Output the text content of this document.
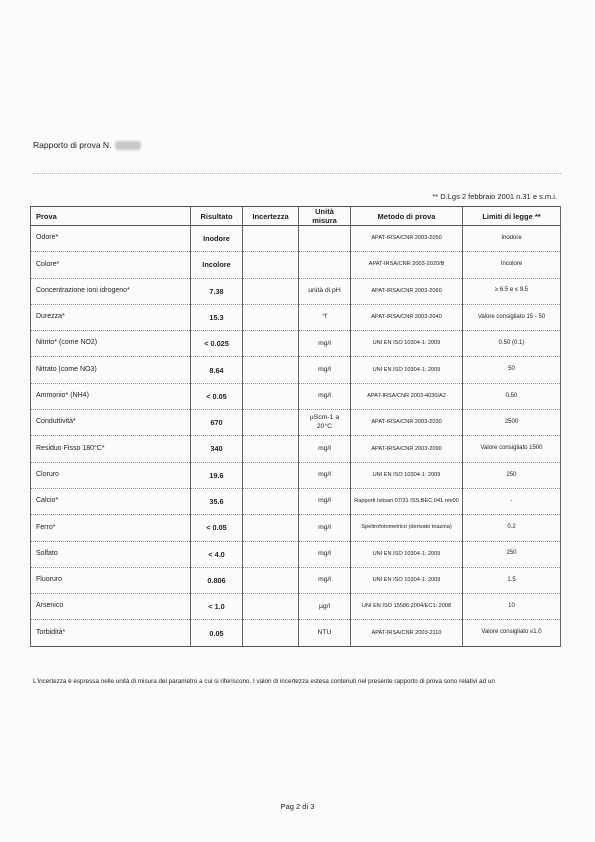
Rapporto di prova N.
** D.Lgs 2 febbraio 2001 n.31 e s.m.i.
Prova	Risultato	Incertezza	Unità misura	Metodo di prova	Limiti di legge **
Odore*	Inodore			APAT-IRSA/CNR 2003-2050	Inodore
Colore*	Incolore			APAT-IRSA/CNR 2003-2020/B	Incolore
Concentrazione ioni idrogeno*	7.38		unità di pH	APAT-IRSA/CNR 2003-2060	≥ 6.5 e ≤ 9.5
Durezza*	15.3		°f	APAT-IRSA/CNR 2003-2040	Valore consigliato 15 - 50
Nitrito* (come NO2)	< 0.025		mg/l	UNI EN ISO 10304-1: 2009	0.50 (0.1)
Nitrato (come NO3)	8.64		mg/l	UNI EN ISO 10304-1: 2009	50
Ammonio* (NH4)	< 0.05		mg/l	APAT-IRSA/CNR 2003-4030/A2	0.50
Conduttività*	670		µScm-1 a 20°C	APAT-IRSA/CNR 2003-2030	2500
Residuo Fisso 180°C*	340		mg/l	APAT-IRSA/CNR 2003-2090	Valore consigliato 1500
Cloruro	19.6		mg/l	UNI EN ISO 10304-1: 2009	250
Calcio*	35.6		mg/l	Rapporti Istisan 07/31 ISS.BEC.041.rev00	-
Ferro*	< 0.05		mg/l	Spettrofotometrico (derivato triazina)	0.2
Solfato	< 4.0		mg/l	UNI EN ISO 10304-1: 2009	250
Fluoruro	0.806		mg/l	UNI EN ISO 10304-1: 2009	1.5
Arsenico	< 1.0		µg/l	UNI EN ISO 15586:2004/EC1: 2008	10
Torbidità*	0.05		NTU	APAT-IRSA/CNR 2003-2110	Valore consigliato ≤1.0
L'incertezza è espressa nelle unità di misura del parametro a cui si riferiscono. I valori di incertezza estesa contenuti nel presente rapporto di prova sono relativi ad un
Pag 2 di 3
